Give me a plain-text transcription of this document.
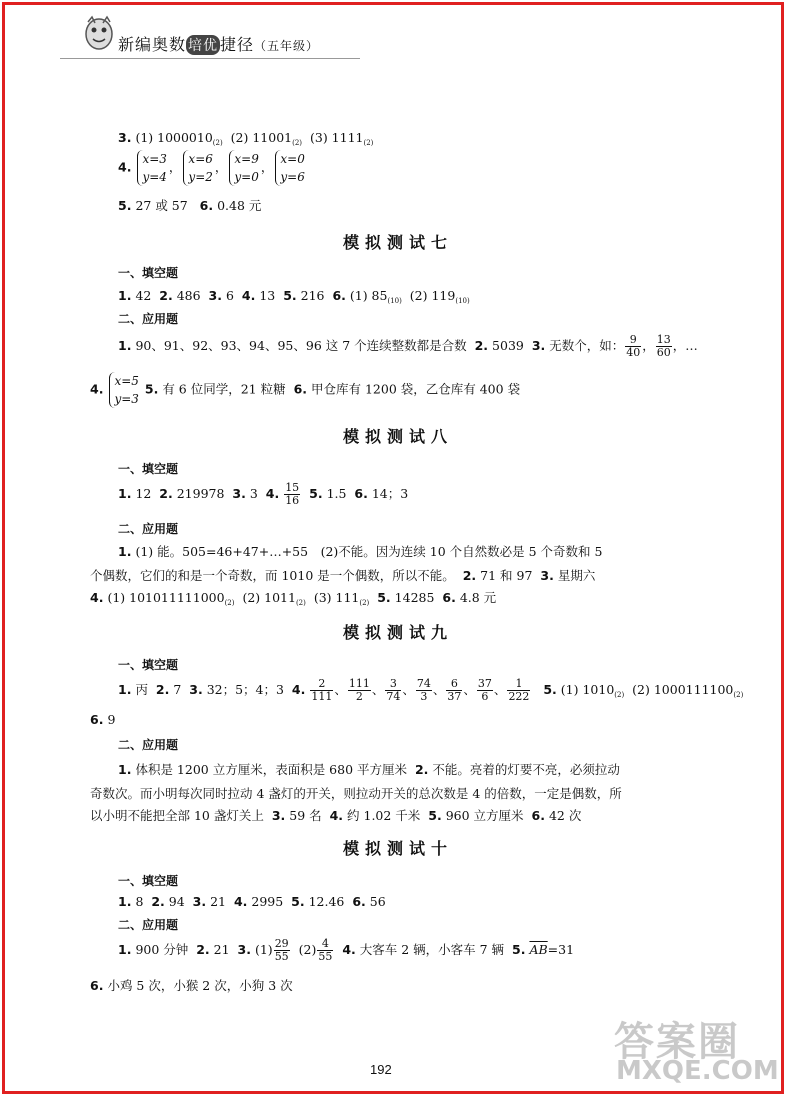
新编奥数 培优 捷径（五年级）
3. (1) $1000010_{(2)}$ (2) $11001_{(2)}$ (3) $1111_{(2)}$
4. x=3
y=4，x=6
y=2，x=9
y=0，x=0
y=6
5. 27 或 57 6. 0.48 元
模拟测试七
一、填空题
1. 42 2. 486 3. 6 4. 13 5. 216 6. (1) $85_{(10)}$ (2) $119_{(10)}$
二、应用题
1. 90、91、92、93、94、95、96 这 7 个连续整数都是合数 2. 5039 3. 无数个，如： $\frac{9}{40}$ ， $\frac{13}{60}$ ，…
4. x=5
y=3 5. 有 6 位同学，21 粒糖 6. 甲仓库有 1200 袋，乙仓库有 400 袋
模拟测试八
一、填空题
1. 12 2. 219978 3. 3 4. $\frac{15}{16} 5$. 1.5 6. 14；3
二、应用题
1. (1) 能。505=46+47+…+55　(2)不能。因为连续 10 个自然数必是 5 个奇数和 5
个偶数，它们的和是一个奇数，而 1010 是一个偶数，所以不能。 2. 71 和 97 3. 星期六
4. (1) $101011111000_{(2)}$ (2) $1011_{(2)}$ (3) $111_{(2)}$ 5. 14285 6. 4.8 元
模拟测试九
一、填空题
1. 丙 2. 7 3. 32；5；4；3 4. $\frac{2}{111}$ 、 $\frac{111}{2}$ 、 $\frac{3}{74}$ 、 $\frac{74}{3}$ 、 $\frac{6}{37}$ 、 $\frac{37}{6}$ 、 $\frac{1}{222} 5$. (1) $1010_{(2)}$ (2) $1000111100_{(2)}$
6. 9
二、应用题
1. 体积是 1200 立方厘米，表面积是 680 平方厘米 2. 不能。亮着的灯要不亮，必须拉动
奇数次。而小明每次同时拉动 4 盏灯的开关，则拉动开关的总次数是 4 的倍数，一定是偶数，所
以小明不能把全部 10 盏灯关上 3. 59 名 4. 约 1.02 千米 5. 960 立方厘米 6. 42 次
模拟测试十
一、填空题
1. 8 2. 94 3. 21 4. 2995 5. 12.46 6. 56
二、应用题
1. 900 分钟 2. 21 3. $(1) \frac{29}{55} (2) \frac{4}{55} 4$. 大客车 2 辆，小客车 7 辆 5. $\overline{AB}=31$
6. 小鸡 5 次，小猴 2 次，小狗 3 次
192
答案圈
MXQE.COM
